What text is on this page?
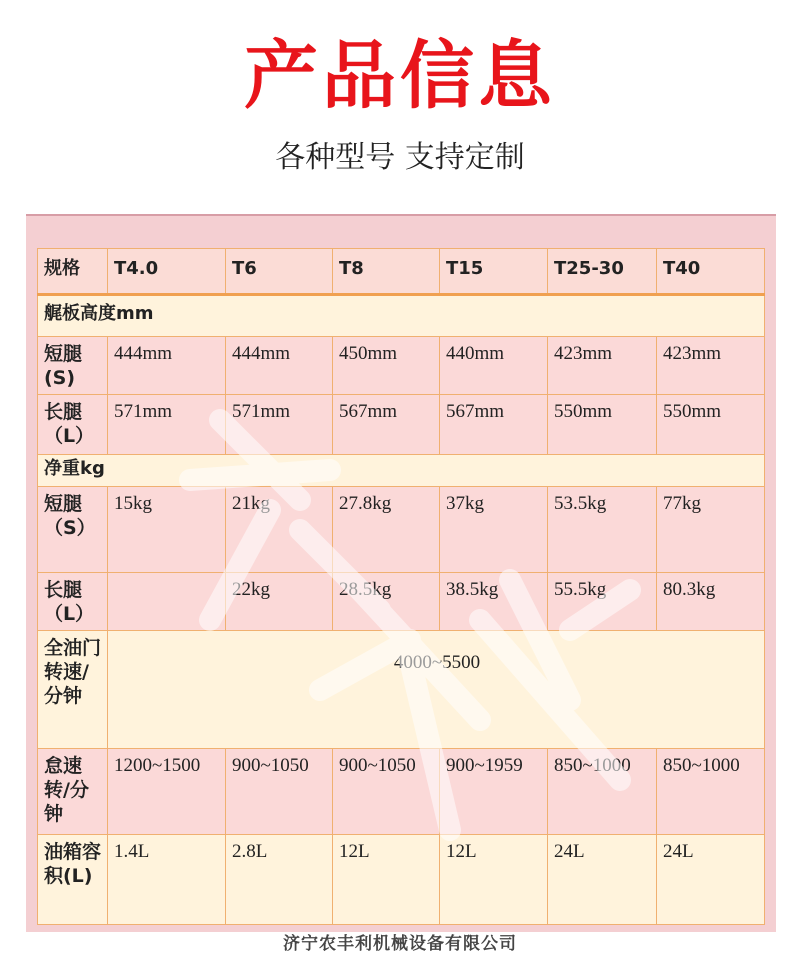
产品信息
各种型号 支持定制
规格	T4.0	T6	T8	T15	T25-30	T40
艉板高度mm						
短腿(S)	444mm	444mm	450mm	440mm	423mm	423mm
长腿（L）	571mm	571mm	567mm	567mm	550mm	550mm
净重kg						
短腿（S）	15kg	21kg	27.8kg	37kg	53.5kg	77kg
长腿（L）		22kg	28.5kg	38.5kg	55.5kg	80.3kg
全油门转速/分钟	4000~5500					
怠速转/分钟	1200~1500	900~1050	900~1050	900~1959	850~1000	850~1000
油箱容积(L)	1.4L	2.8L	12L	12L	24L	24L
济宁农丰利机械设备有限公司
